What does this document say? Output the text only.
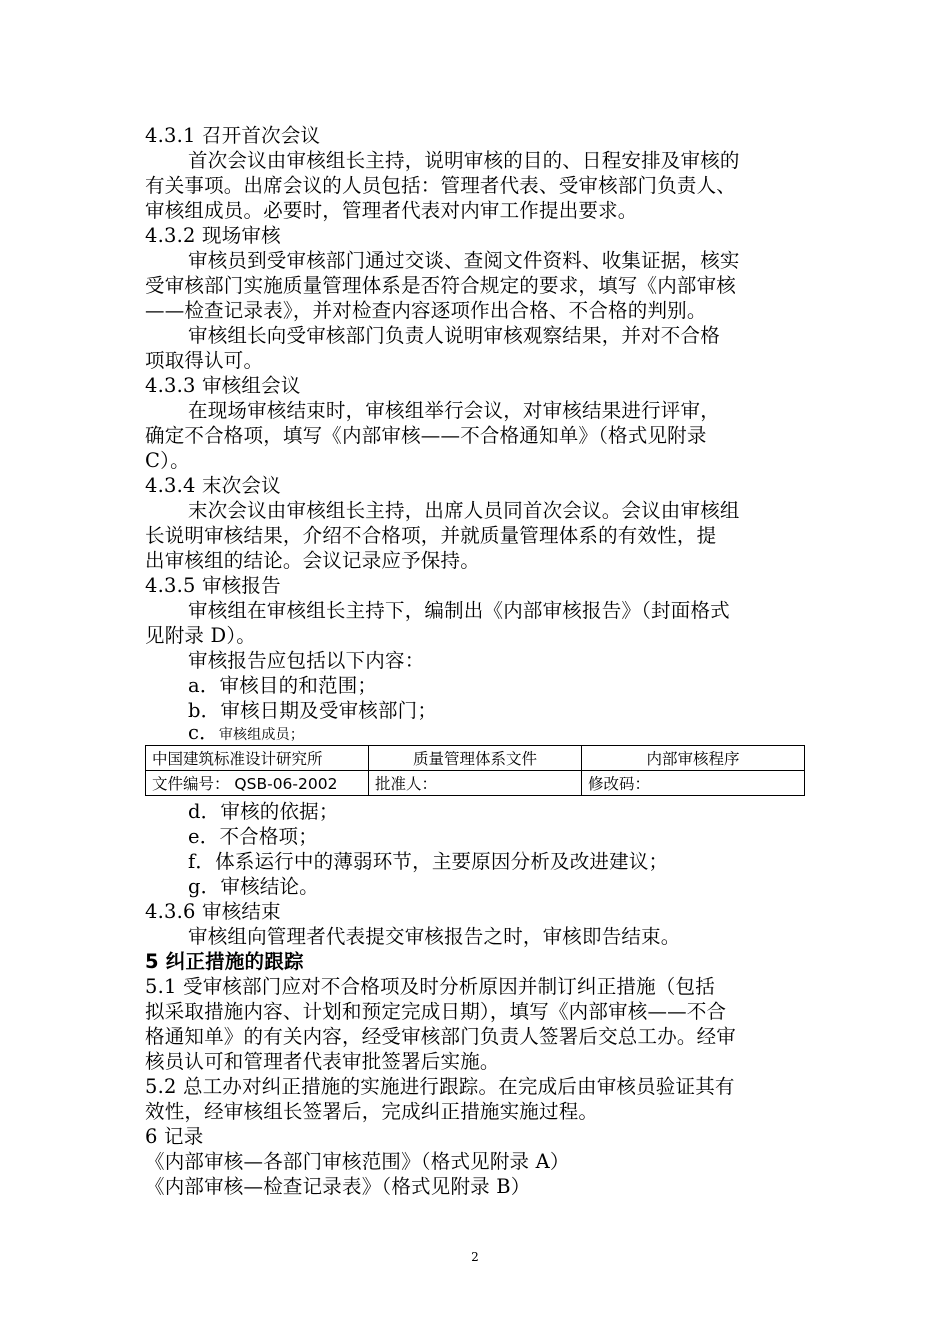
4.3.1 召开首次会议
首次会议由审核组长主持，说明审核的目的、日程安排及审核的
有关事项。出席会议的人员包括：管理者代表、受审核部门负责人、
审核组成员。必要时，管理者代表对内审工作提出要求。
4.3.2 现场审核
审核员到受审核部门通过交谈、查阅文件资料、收集证据，核实
受审核部门实施质量管理体系是否符合规定的要求，填写《内部审核
——检查记录表》，并对检查内容逐项作出合格、不合格的判别。
审核组长向受审核部门负责人说明审核观察结果，并对不合格
项取得认可。
4.3.3 审核组会议
在现场审核结束时，审核组举行会议，对审核结果进行评审，
确定不合格项，填写《内部审核——不合格通知单》（格式见附录
C）。
4.3.4 末次会议
末次会议由审核组长主持，出席人员同首次会议。会议由审核组
长说明审核结果，介绍不合格项，并就质量管理体系的有效性，提
出审核组的结论。会议记录应予保持。
4.3.5 审核报告
审核组在审核组长主持下，编制出《内部审核报告》（封面格式
见附录 D）。
审核报告应包括以下内容：
a．审核目的和范围；
b．审核日期及受审核部门；
c．审核组成员；
中国建筑标准设计研究所	质量管理体系文件	内部审核程序
文件编号： QSB-06-2002	批准人：	修改码：
d．审核的依据；
e．不合格项；
f．体系运行中的薄弱环节，主要原因分析及改进建议；
g．审核结论。
4.3.6 审核结束
审核组向管理者代表提交审核报告之时，审核即告结束。
5 纠正措施的跟踪
5.1 受审核部门应对不合格项及时分析原因并制订纠正措施（包括
拟采取措施内容、计划和预定完成日期），填写《内部审核——不合
格通知单》的有关内容，经受审核部门负责人签署后交总工办。经审
核员认可和管理者代表审批签署后实施。
5.2 总工办对纠正措施的实施进行跟踪。在完成后由审核员验证其有
效性，经审核组长签署后，完成纠正措施实施过程。
6 记录
《内部审核—各部门审核范围》（格式见附录 A）
《内部审核—检查记录表》（格式见附录 B）
2
